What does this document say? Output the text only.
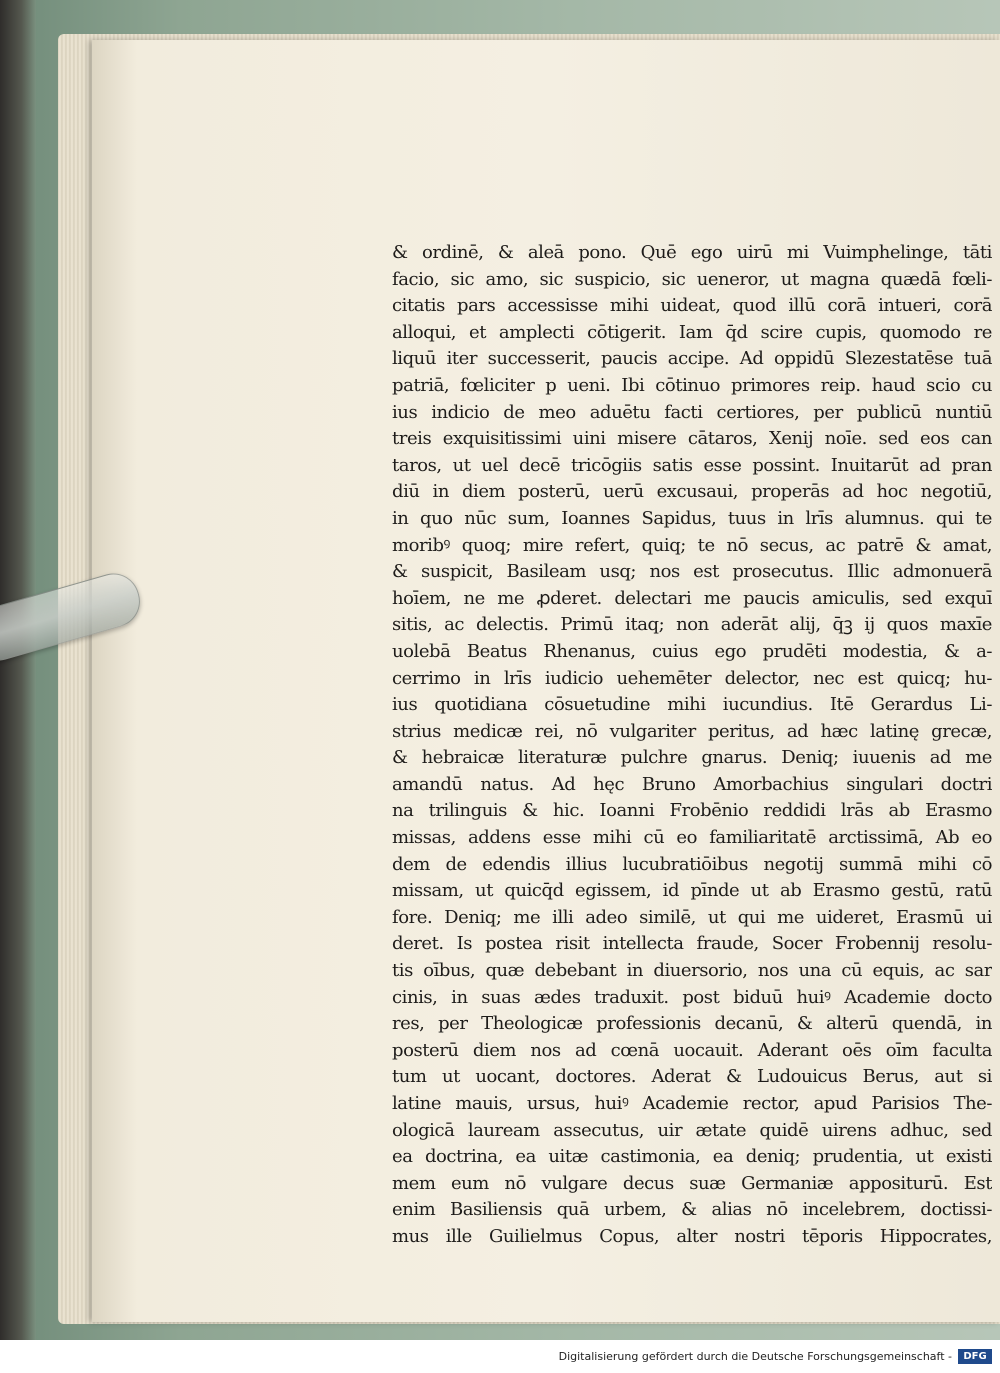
& ordinē, & aleā pono. Quē ego uirū mi Vuimphelinge, tāti
facio, sic amo, sic suspicio, sic ueneror, ut magna quædā fœli-
citatis pars accessisse mihi uideat, quod illū corā intueri, corā
alloqui, et amplecti cōtigerit. Iam q̄d scire cupis, quomodo re
liquū iter successerit, paucis accipe. Ad oppidū Slezestatēse tuā
patriā, fœliciter p ueni. Ibi cōtinuo primores reip. haud scio cu
ius indicio de meo aduētu facti certiores, per publicū nuntiū
treis exquisitissimi uini misere cātaros, Xenij noīe. sed eos can
taros, ut uel decē tricōgiis satis esse possint. Inuitarūt ad pran
diū in diem posterū, uerū excusaui, properās ad hoc negotiū,
in quo nūc sum, Ioannes Sapidus, tuus in lrīs alumnus. qui te
moribꝰ quoq; mire refert, quiq; te nō secus, ac patrē & amat,
& suspicit, Basileam usq; nos est prosecutus. Illic admonuerā
hoīem, ne me ꝓderet. delectari me paucis amiculis, sed exquī
sitis, ac delectis. Primū itaq; non aderāt alij, q̄ꝫ ij quos maxīe
uolebā Beatus Rhenanus, cuius ego prudēti modestia, & a-
cerrimo in lrīs iudicio uehemēter delector, nec est quicq; hu-
ius quotidiana cōsuetudine mihi iucundius. Itē Gerardus Li-
strius medicæ rei, nō vulgariter peritus, ad hæc latinę grecæ,
& hebraicæ literaturæ pulchre gnarus. Deniq; iuuenis ad me
amandū natus. Ad hęc Bruno Amorbachius singulari doctri
na trilinguis & hic. Ioanni Frobēnio reddidi lrās ab Erasmo
missas, addens esse mihi cū eo familiaritatē arctissimā, Ab eo
dem de edendis illius lucubratiōibus negotij summā mihi cō
missam, ut quicq̄d egissem, id pīnde ut ab Erasmo gestū, ratū
fore. Deniq; me illi adeo similē, ut qui me uideret, Erasmū ui
deret. Is postea risit intellecta fraude, Socer Frobennij resolu-
tis oībus, quæ debebant in diuersorio, nos una cū equis, ac sar
cinis, in suas ædes traduxit. post biduū huiꝰ Academie docto
res, per Theologicæ professionis decanū, & alterū quendā, in
posterū diem nos ad cœnā uocauit. Aderant oēs oīm faculta
tum ut uocant, doctores. Aderat & Ludouicus Berus, aut si
latine mauis, ursus, huiꝰ Academie rector, apud Parisios The-
ologicā lauream assecutus, uir ætate quidē uirens adhuc, sed
ea doctrina, ea uitæ castimonia, ea deniq; prudentia, ut existi
mem eum nō vulgare decus suæ Germaniæ appositurū. Est
enim Basiliensis quā urbem, & alias nō incelebrem, doctissi-
mus ille Guilielmus Copus, alter nostri tēporis Hippocrates,
Digitalisierung gefördert durch die Deutsche Forschungsgemeinschaft -	DFG
